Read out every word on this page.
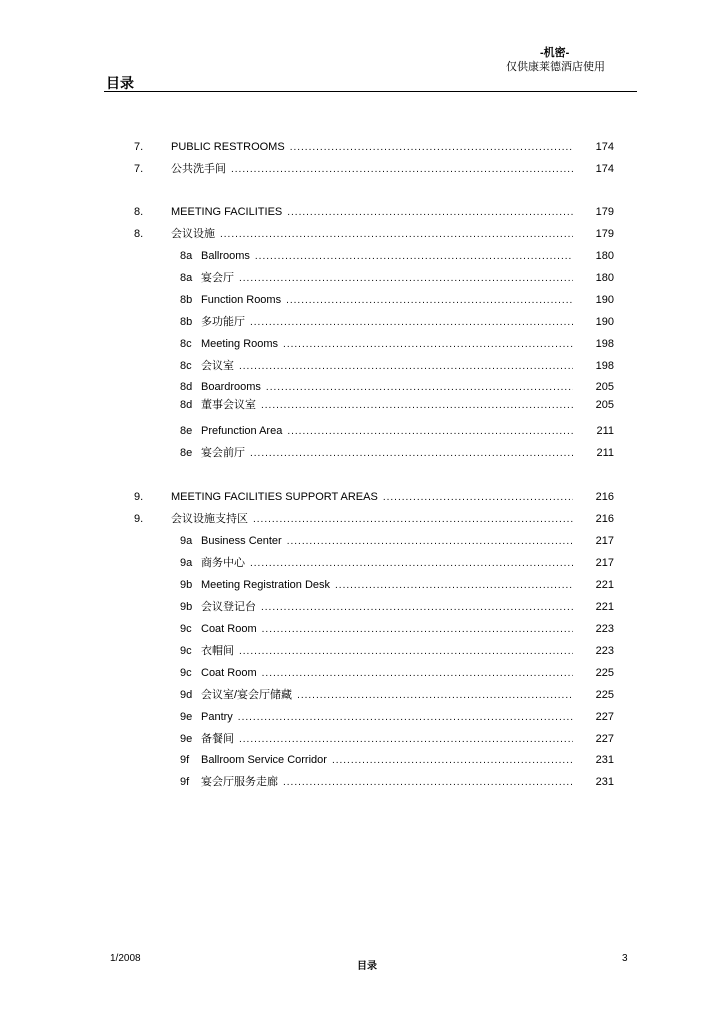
-机密-
仅供康莱德酒店使用
目录
7.	PUBLIC RESTROOMS .....	174
7.	公共洗手间 .....	174
8.	MEETING FACILITIES .....	179
8.	会议设施 .....	179
8a Ballrooms .....	180
8a 宴会厅 .....	180
8b Function Rooms .....	190
8b 多功能厅 .....	190
8c Meeting Rooms .....	198
8c 会议室 .....	198
8d Boardrooms .....	205
8d 董事会议室 .....	205
8e Prefunction Area .....	211
8e 宴会前厅 .....	211
9.	MEETING FACILITIES SUPPORT AREAS .....	216
9.	会议设施支持区 .....	216
9a Business Center .....	217
9a 商务中心 .....	217
9b Meeting Registration Desk .....	221
9b 会议登记台 .....	221
9c Coat Room .....	223
9c 衣帽间 .....	223
9c Coat Room .....	225
9d 会议室/宴会厅储藏 .....	225
9e Pantry .....	227
9e 备餐间 .....	227
9f Ballroom Service Corridor .....	231
9f 宴会厅服务走廊 .....	231
1/2008
目录
3
